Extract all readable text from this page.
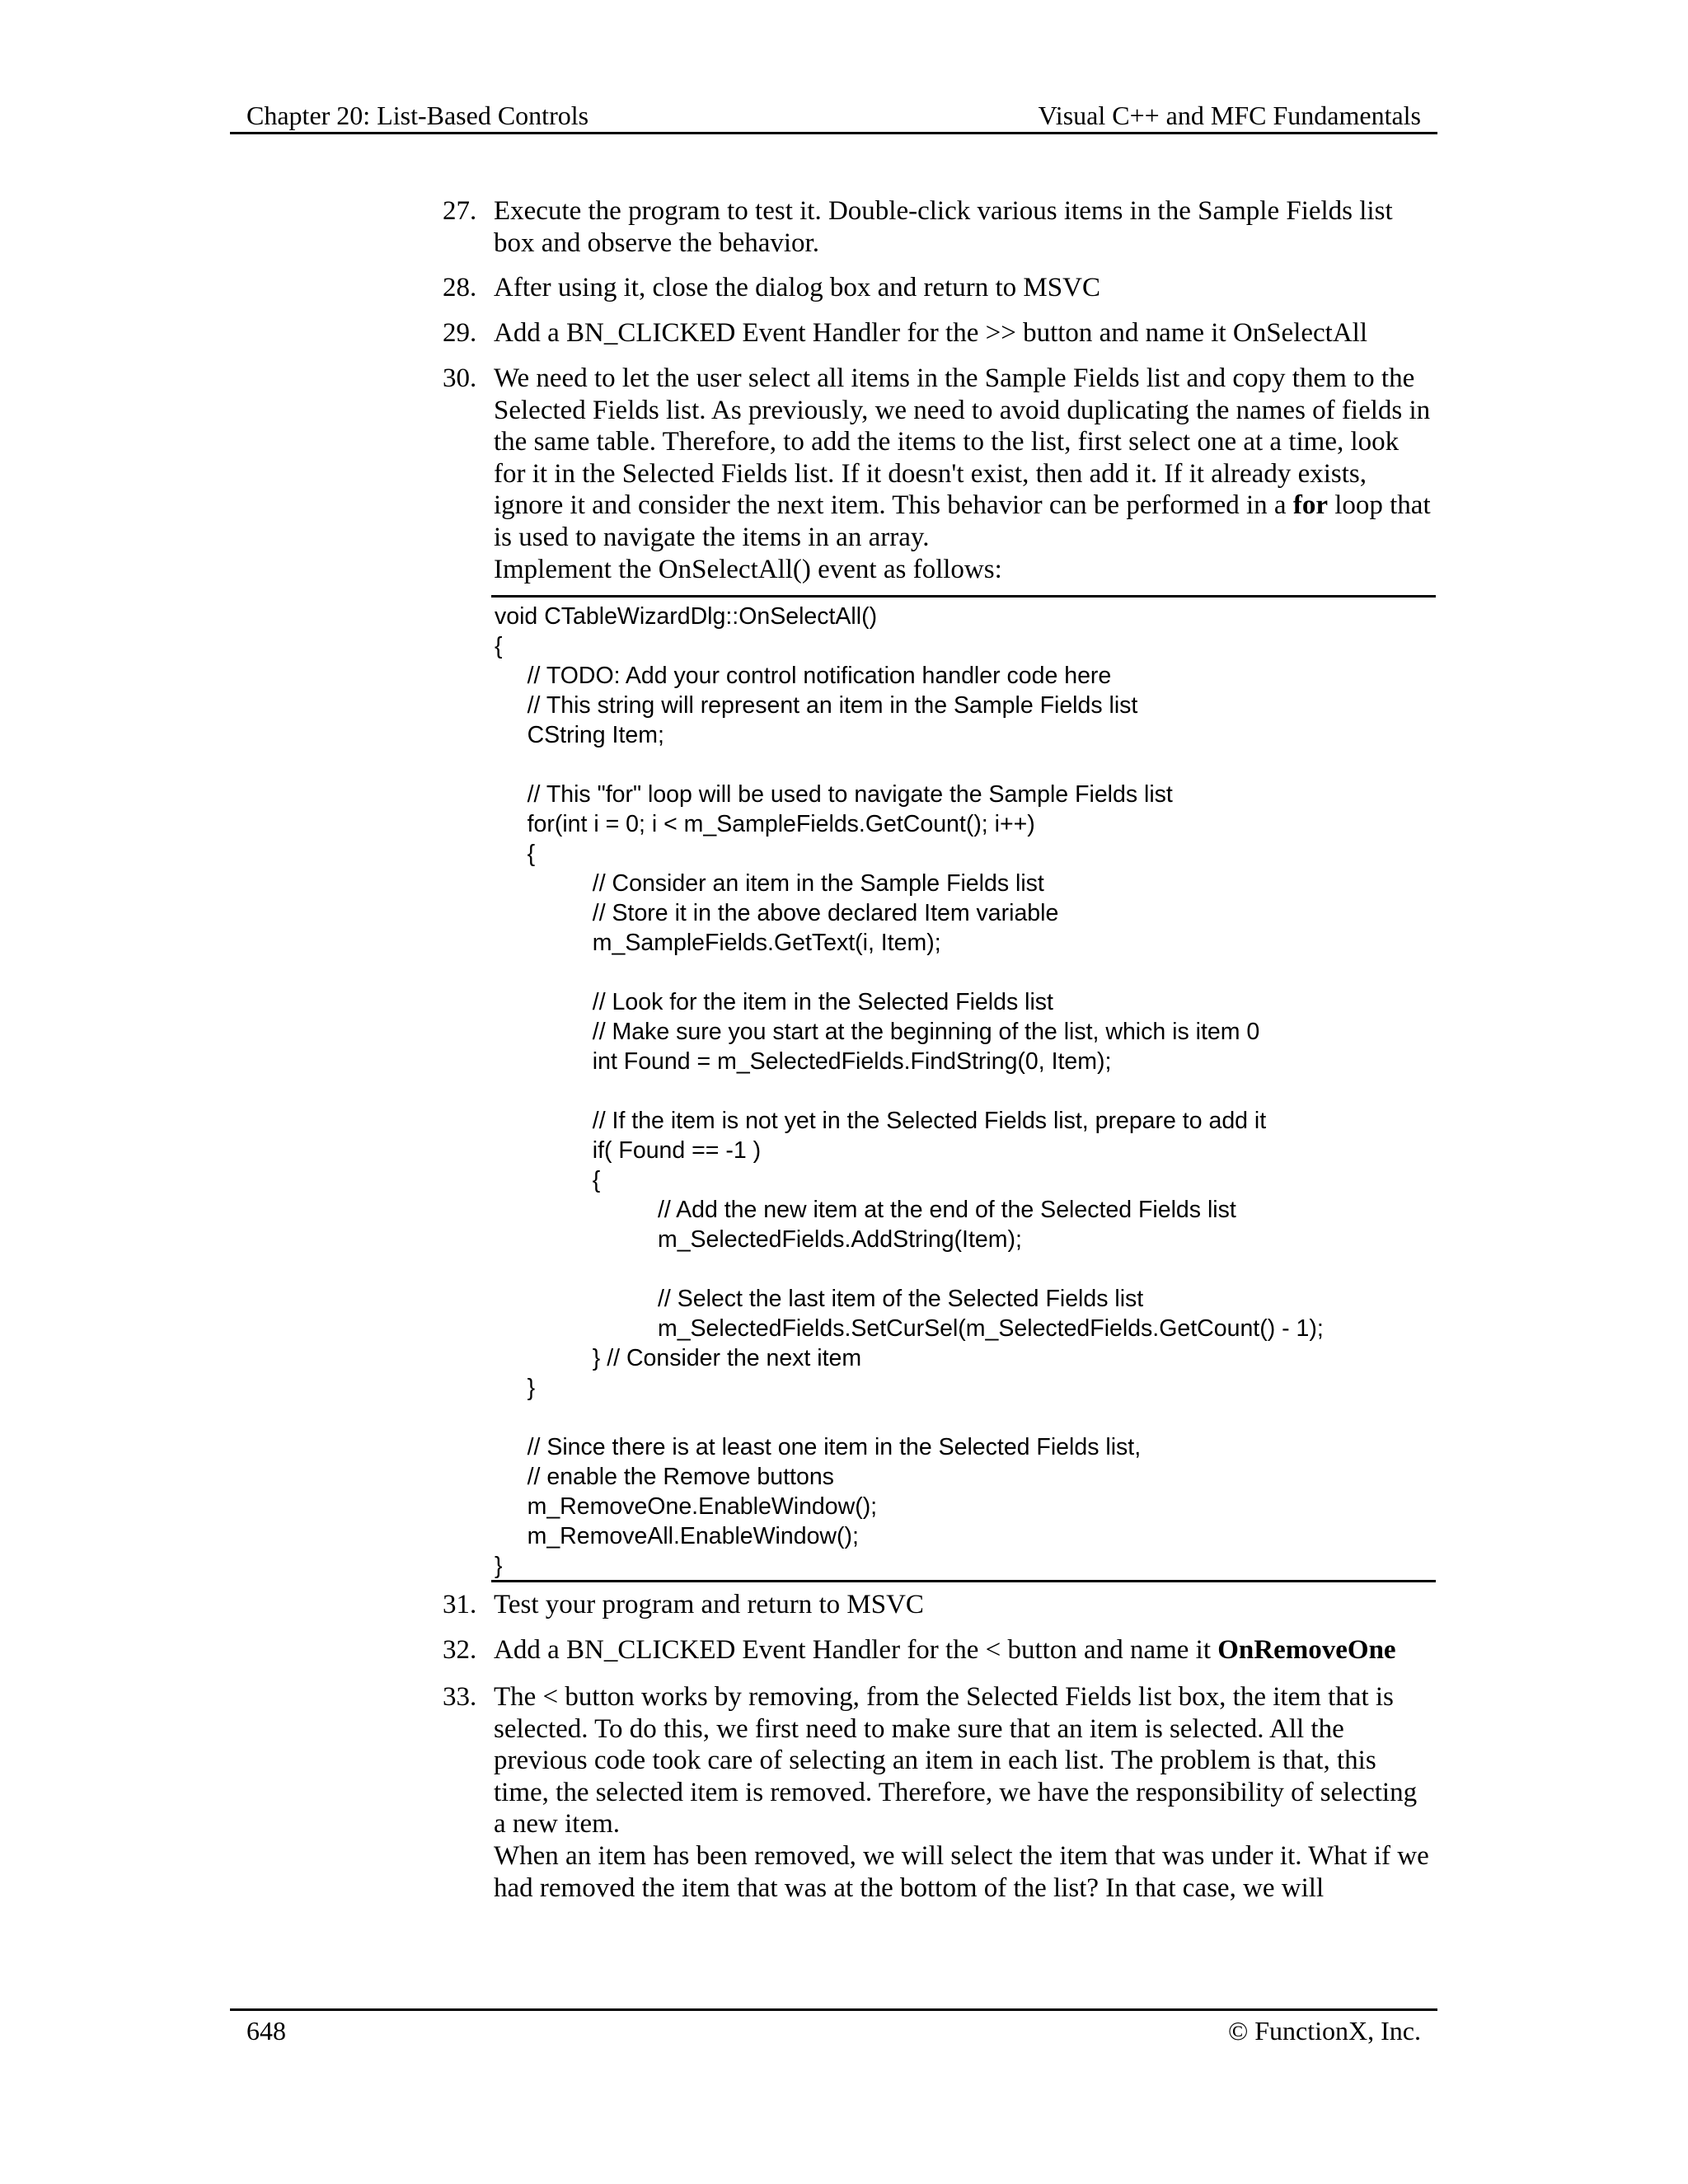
Chapter 20: List-Based Controls	Visual C++ and MFC Fundamentals
27. Execute the program to test it. Double-click various items in the Sample Fields list box and observe the behavior.
28. After using it, close the dialog box and return to MSVC
29. Add a BN_CLICKED Event Handler for the >> button and name it OnSelectAll
30. We need to let the user select all items in the Sample Fields list and copy them to the Selected Fields list. As previously, we need to avoid duplicating the names of fields in the same table. Therefore, to add the items to the list, first select one at a time, look for it in the Selected Fields list. If it doesn't exist, then add it. If it already exists, ignore it and consider the next item. This behavior can be performed in a for loop that is used to navigate the items in an array.

Implement the OnSelectAll() event as follows:

void CTableWizardDlg::OnSelectAll()
{
// TODO: Add your control notification handler code here
// This string will represent an item in the Sample Fields list
CString Item;
// This "for" loop will be used to navigate the Sample Fields list
for(int i = 0; i < m_SampleFields.GetCount(); i++)
{
// Consider an item in the Sample Fields list
// Store it in the above declared Item variable
m_SampleFields.GetText(i, Item);
// Look for the item in the Selected Fields list
// Make sure you start at the beginning of the list, which is item 0
int Found = m_SelectedFields.FindString(0, Item);
// If the item is not yet in the Selected Fields list, prepare to add it
if( Found == -1 )
{
// Add the new item at the end of the Selected Fields list
m_SelectedFields.AddString(Item);
// Select the last item of the Selected Fields list
m_SelectedFields.SetCurSel(m_SelectedFields.GetCount() - 1);
} // Consider the next item
}
// Since there is at least one item in the Selected Fields list,
// enable the Remove buttons
m_RemoveOne.EnableWindow();
m_RemoveAll.EnableWindow();
}
31. Test your program and return to MSVC
32. Add a BN_CLICKED Event Handler for the < button and name it OnRemoveOne
33. The < button works by removing, from the Selected Fields list box, the item that is selected. To do this, we first need to make sure that an item is selected. All the previous code took care of selecting an item in each list. The problem is that, this time, the selected item is removed. Therefore, we have the responsibility of selecting a new item.

When an item has been removed, we will select the item that was under it. What if we had removed the item that was at the bottom of the list? In that case, we will

648	© FunctionX, Inc.
